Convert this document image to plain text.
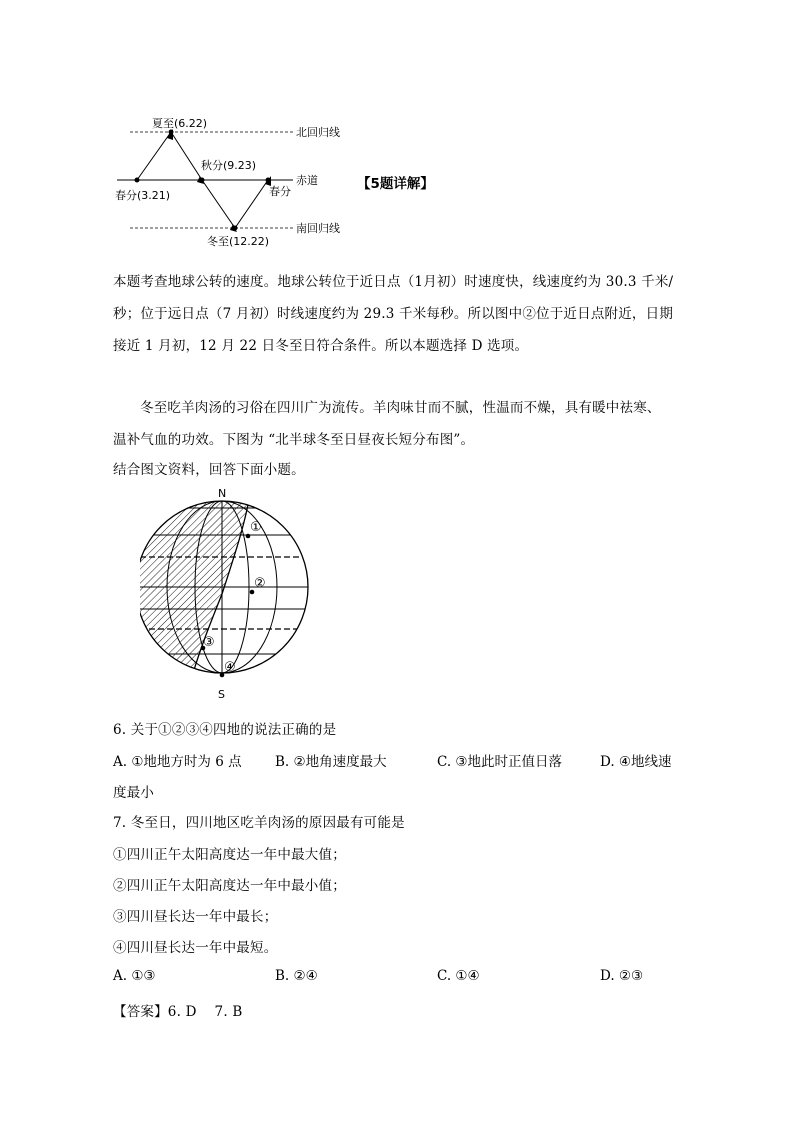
夏至(6.22)
北回归线
秋分(9.23)
春分(3.21)
赤道
春分
冬至(12.22)
南回归线
【5题详解】
本题考查地球公转的速度。地球公转位于近日点（1月初）时速度快，线速度约为 30.3 千米/
秒；位于远日点（7 月初）时线速度约为 29.3 千米每秒。所以图中②位于近日点附近，日期
接近 1 月初，12 月 22 日冬至日符合条件。所以本题选择 D 选项。
冬至吃羊肉汤的习俗在四川广为流传。羊肉味甘而不腻，性温而不燥，具有暖中祛寒、
温补气血的功效。下图为 “北半球冬至日昼夜长短分布图”。
结合图文资料，回答下面小题。
N
S
①
②
③
④
6. 关于①②③④四地的说法正确的是
A. ①地地方时为 6 点 B. ②地角速度最大	C. ③地此时正值日落	D. ④地线速
度最小
7. 冬至日，四川地区吃羊肉汤的原因最有可能是
①四川正午太阳高度达一年中最大值；
②四川正午太阳高度达一年中最小值；
③四川昼长达一年中最长；
④四川昼长达一年中最短。
A. ①③	B. ②④	C. ①④	D. ②③
【答案】6. D    7. B
